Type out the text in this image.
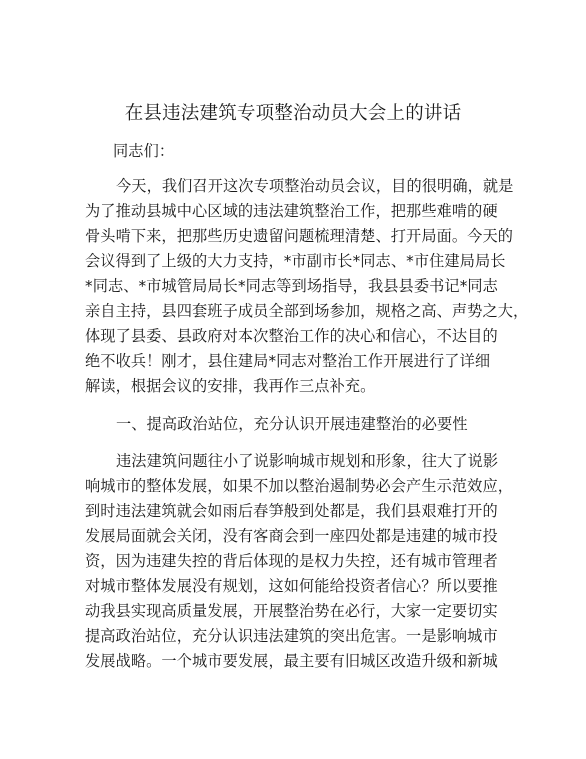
在县违法建筑专项整治动员大会上的讲话
同志们：
今天，我们召开这次专项整治动员会议，目的很明确，就是
为了推动县城中心区域的违法建筑整治工作，把那些难啃的硬
骨头啃下来，把那些历史遗留问题梳理清楚、打开局面。今天的
会议得到了上级的大力支持，*市副市长*同志、*市住建局局长
*同志、*市城管局局长*同志等到场指导，我县县委书记*同志
亲自主持，县四套班子成员全部到场参加，规格之高、声势之大，
体现了县委、县政府对本次整治工作的决心和信心，不达目的
绝不收兵！刚才，县住建局*同志对整治工作开展进行了详细
解读，根据会议的安排，我再作三点补充。
一、提高政治站位，充分认识开展违建整治的必要性
违法建筑问题往小了说影响城市规划和形象，往大了说影
响城市的整体发展，如果不加以整治遏制势必会产生示范效应，
到时违法建筑就会如雨后春笋般到处都是，我们县艰难打开的
发展局面就会关闭，没有客商会到一座四处都是违建的城市投
资，因为违建失控的背后体现的是权力失控，还有城市管理者
对城市整体发展没有规划，这如何能给投资者信心？所以要推
动我县实现高质量发展，开展整治势在必行，大家一定要切实
提高政治站位，充分认识违法建筑的突出危害。一是影响城市
发展战略。一个城市要发展，最主要有旧城区改造升级和新城
